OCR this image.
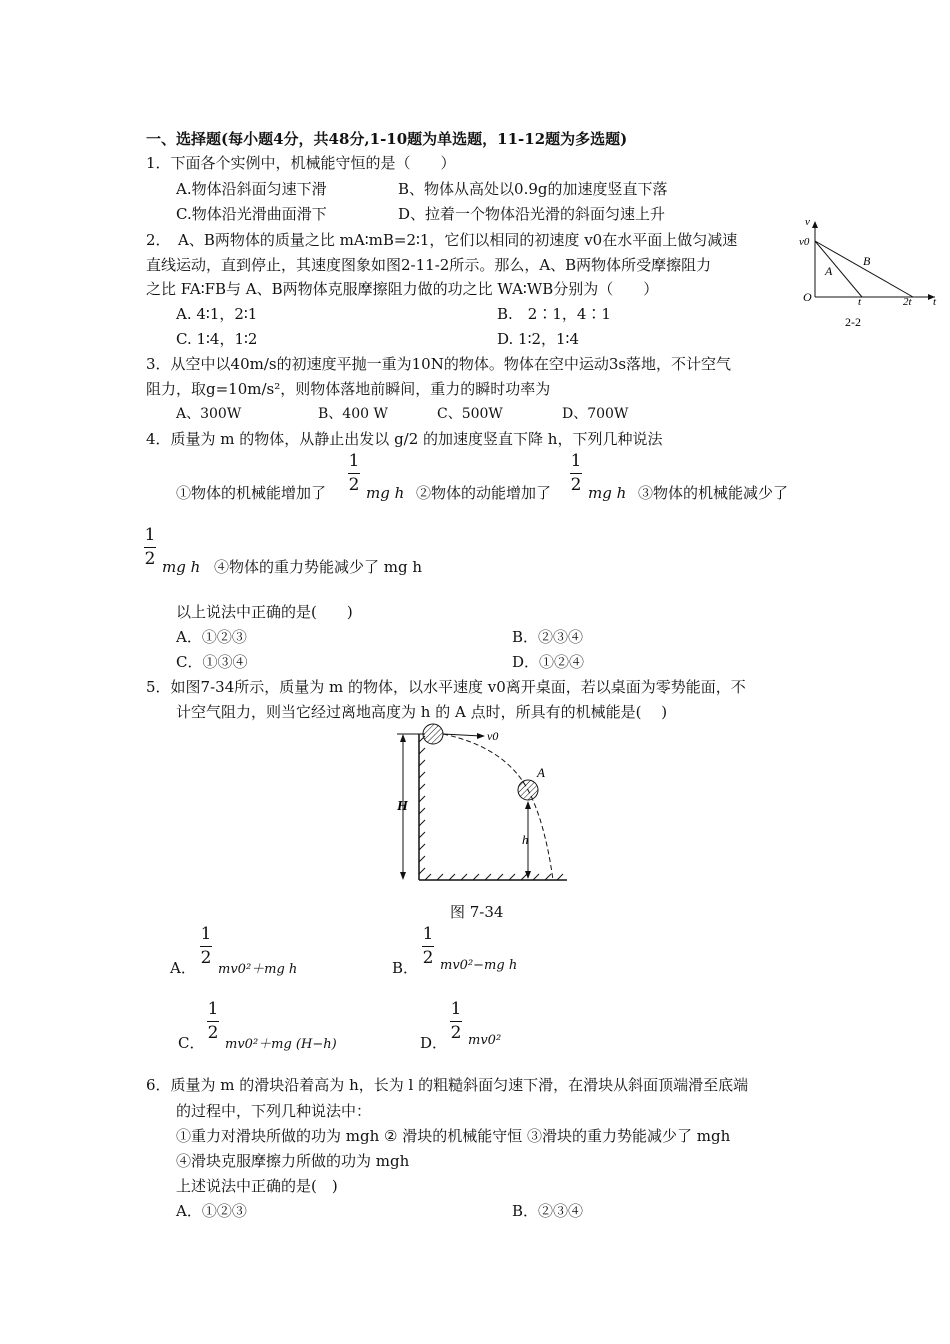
一、选择题(每小题4分，共48分,1-10题为单选题，11-12题为多选题)
1．下面各个实例中，机械能守恒的是（　　）
A.物体沿斜面匀速下滑	B、物体从高处以0.9g的加速度竖直下落
C.物体沿光滑曲面滑下	D、拉着一个物体沿光滑的斜面匀速上升
2．　A、B两物体的质量之比 mA∶mB=2∶1，它们以相同的初速度 v0在水平面上做匀减速
直线运动，直到停止，其速度图象如图2-11-2所示。那么，A、B两物体所受摩擦阻力
之比 FA∶FB与 A、B两物体克服摩擦阻力做的功之比 WA∶WB分别为（　　）
A. 4∶1，2∶1	B.　2∶1，4∶1
C. 1∶4，1∶2	D. 1∶2，1∶4
v
v0
O
A
B
t	2t t
2-2
3．从空中以40m/s的初速度平抛一重为10N的物体。物体在空中运动3s落地，不计空气
阻力，取g=10m/s²，则物体落地前瞬间，重力的瞬时功率为
A、300W	B、400 W	C、500W	D、700W
4．质量为 m 的物体，从静止出发以 g/2 的加速度竖直下降 h，下列几种说法
①物体的机械能增加了
1
2 mg h ②物体的动能增加了
1
2 mg h ③物体的机械能减少了
1
2 mg h ④物体的重力势能减少了 mg h
以上说法中正确的是(　　)
A．①②③	B．②③④
C．①③④	D．①②④
5．如图7-34所示，质量为 m 的物体，以水平速度 v0离开桌面，若以桌面为零势能面，不
计空气阻力，则当它经过离地高度为 h 的 A 点时，所具有的机械能是(　 )
H
v0
A
h
图 7-34
A．
1
2
mv0²＋mg h	B．
1
2 mv0²−mg h
C．
1
2
mv0²＋mg (H−h)	D．
1
2 mv0²
6．质量为 m 的滑块沿着高为 h，长为 l 的粗糙斜面匀速下滑，在滑块从斜面顶端滑至底端
的过程中，下列几种说法中：
①重力对滑块所做的功为 mgh ② 滑块的机械能守恒 ③滑块的重力势能减少了 mgh
④滑块克服摩擦力所做的功为 mgh
上述说法中正确的是(　)
A．①②③	B．②③④
